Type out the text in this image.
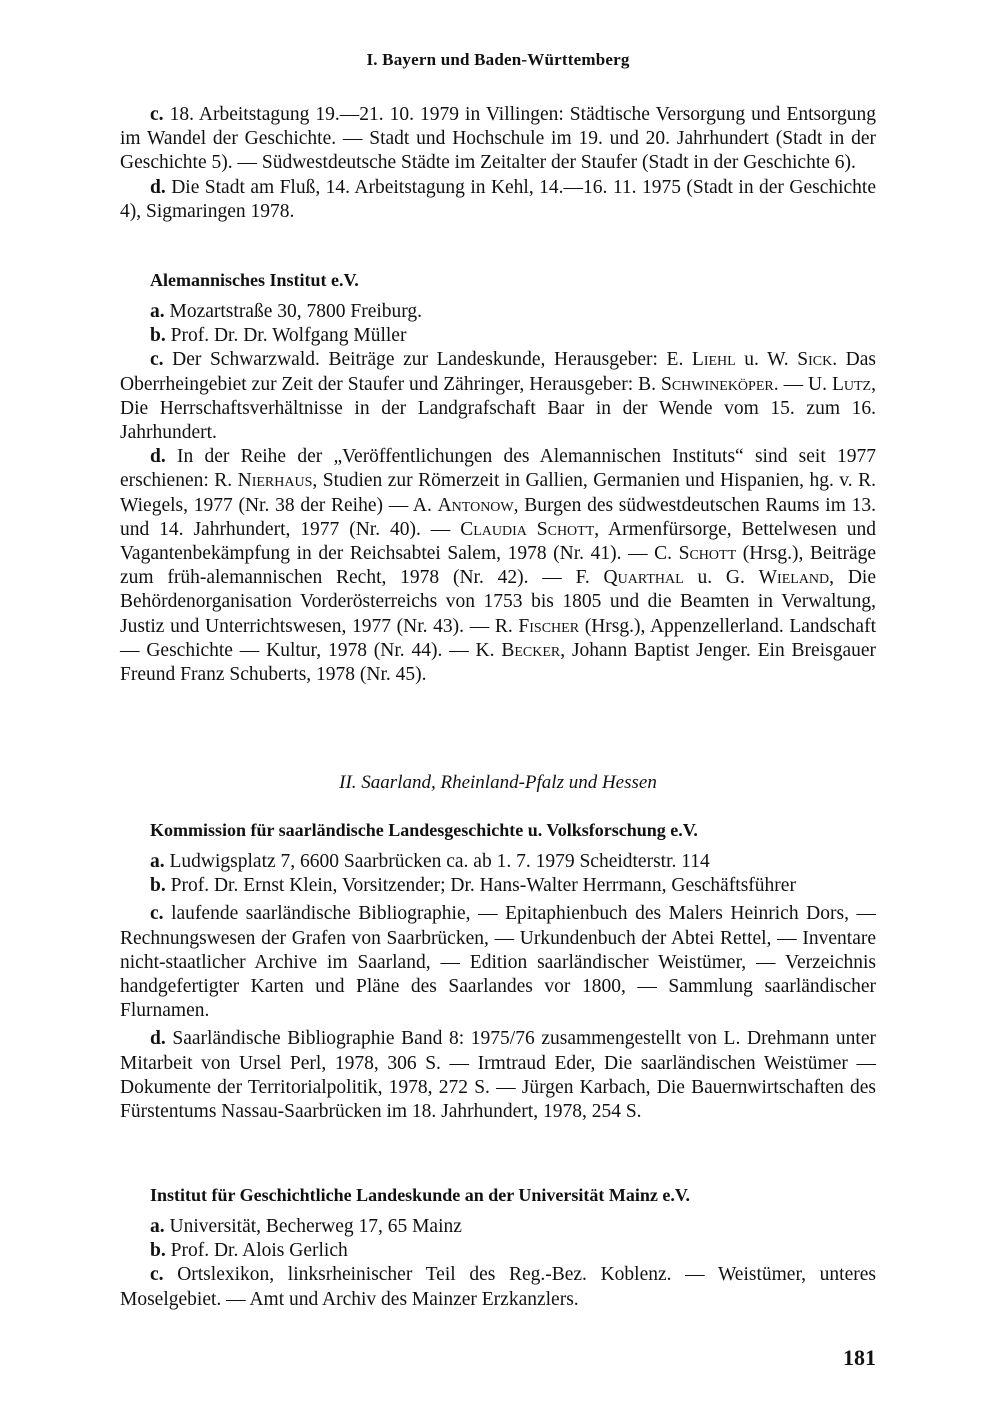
I. Bayern und Baden-Württemberg

c. 18. Arbeitstagung 19.—21. 10. 1979 in Villingen: Städtische Versorgung und Entsorgung im Wandel der Geschichte. — Stadt und Hochschule im 19. und 20. Jahrhundert (Stadt in der Geschichte 5). — Südwestdeutsche Städte im Zeitalter der Staufer (Stadt in der Geschichte 6).

d. Die Stadt am Fluß, 14. Arbeitstagung in Kehl, 14.—16. 11. 1975 (Stadt in der Geschichte 4), Sigmaringen 1978.

Alemannisches Institut e.V.

a. Mozartstraße 30, 7800 Freiburg.

b. Prof. Dr. Dr. Wolfgang Müller

c. Der Schwarzwald. Beiträge zur Landeskunde, Herausgeber: E. Liehl u. W. Sick. Das Oberrheingebiet zur Zeit der Staufer und Zähringer, Herausgeber: B. Schwineköper. — U. Lutz, Die Herrschaftsverhältnisse in der Landgrafschaft Baar in der Wende vom 15. zum 16. Jahrhundert.

d. In der Reihe der „Veröffentlichungen des Alemannischen Instituts“ sind seit 1977 erschienen: R. Nierhaus, Studien zur Römerzeit in Gallien, Germanien und Hispanien, hg. v. R. Wiegels, 1977 (Nr. 38 der Reihe) — A. Antonow, Burgen des südwestdeutschen Raums im 13. und 14. Jahrhundert, 1977 (Nr. 40). — Claudia Schott, Armenfürsorge, Bettelwesen und Vagantenbekämpfung in der Reichsabtei Salem, 1978 (Nr. 41). — C. Schott (Hrsg.), Beiträge zum früh-alemannischen Recht, 1978 (Nr. 42). — F. Quarthal u. G. Wieland, Die Behördenorganisation Vorderösterreichs von 1753 bis 1805 und die Beamten in Verwaltung, Justiz und Unterrichtswesen, 1977 (Nr. 43). — R. Fischer (Hrsg.), Appenzellerland. Landschaft — Geschichte — Kultur, 1978 (Nr. 44). — K. Becker, Johann Baptist Jenger. Ein Breisgauer Freund Franz Schuberts, 1978 (Nr. 45).

II. Saarland, Rheinland-Pfalz und Hessen

Kommission für saarländische Landesgeschichte u. Volksforschung e.V.

a. Ludwigsplatz 7, 6600 Saarbrücken ca. ab 1. 7. 1979 Scheidterstr. 114

b. Prof. Dr. Ernst Klein, Vorsitzender; Dr. Hans-Walter Herrmann, Geschäftsführer

c. laufende saarländische Bibliographie, — Epitaphienbuch des Malers Heinrich Dors, — Rechnungswesen der Grafen von Saarbrücken, — Urkundenbuch der Abtei Rettel, — Inventare nicht-staatlicher Archive im Saarland, — Edition saarländischer Weistümer, — Verzeichnis handgefertigter Karten und Pläne des Saarlandes vor 1800, — Sammlung saarländischer Flurnamen.

d. Saarländische Bibliographie Band 8: 1975/76 zusammengestellt von L. Drehmann unter Mitarbeit von Ursel Perl, 1978, 306 S. — Irmtraud Eder, Die saarländischen Weistümer — Dokumente der Territorialpolitik, 1978, 272 S. — Jürgen Karbach, Die Bauernwirtschaften des Fürstentums Nassau-Saarbrücken im 18. Jahrhundert, 1978, 254 S.

Institut für Geschichtliche Landeskunde an der Universität Mainz e.V.

a. Universität, Becherweg 17, 65 Mainz

b. Prof. Dr. Alois Gerlich

c. Ortslexikon, linksrheinischer Teil des Reg.-Bez. Koblenz. — Weistümer, unteres Moselgebiet. — Amt und Archiv des Mainzer Erzkanzlers.

181
